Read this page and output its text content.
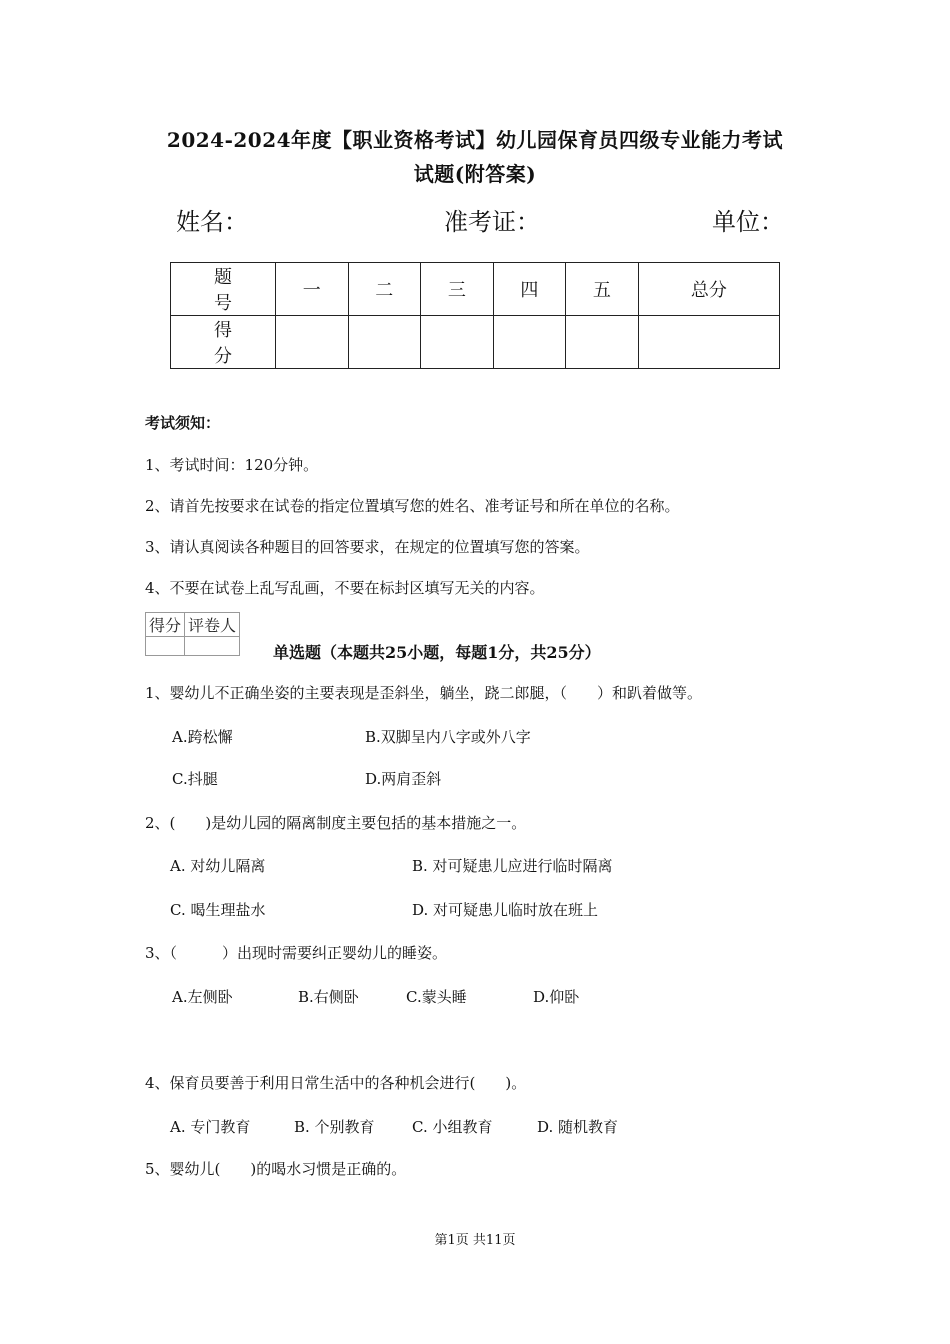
2024-2024年度【职业资格考试】幼儿园保育员四级专业能力考试
试题(附答案)
姓名：	准考证：	单位：
题　号	一	二	三	四	五	总分
得　分						
考试须知：
1、考试时间：120分钟。
2、请首先按要求在试卷的指定位置填写您的姓名、准考证号和所在单位的名称。
3、请认真阅读各种题目的回答要求，在规定的位置填写您的答案。
4、不要在试卷上乱写乱画，不要在标封区填写无关的内容。
得分	评卷人

单选题（本题共25小题，每题1分，共25分）
1、婴幼儿不正确坐姿的主要表现是歪斜坐，躺坐，跷二郎腿，（　　）和趴着做等。
A.跨松懈	B.双脚呈内八字或外八字
C.抖腿	D.两肩歪斜
2、(　　)是幼儿园的隔离制度主要包括的基本措施之一。
A. 对幼儿隔离	B. 对可疑患儿应进行临时隔离
C. 喝生理盐水	D. 对可疑患儿临时放在班上
3、（　　　）出现时需要纠正婴幼儿的睡姿。
A.左侧卧	B.右侧卧	C.蒙头睡	D.仰卧
4、保育员要善于利用日常生活中的各种机会进行(　　)。
A. 专门教育	B. 个别教育 C. 小组教育	D. 随机教育
5、婴幼儿(　　)的喝水习惯是正确的。
第1页 共11页
